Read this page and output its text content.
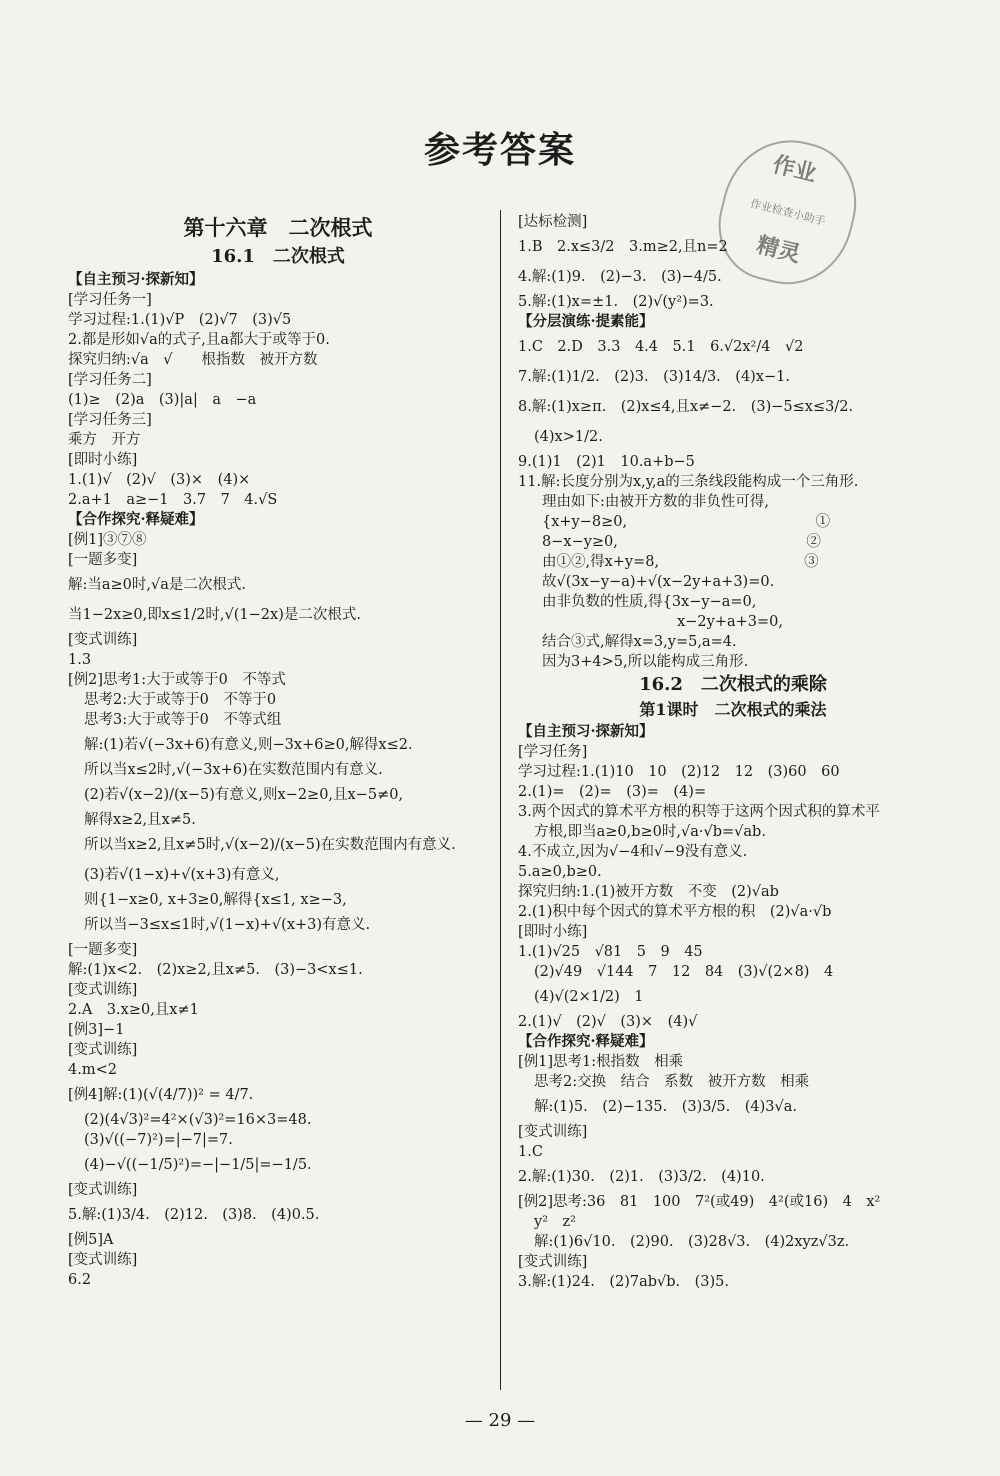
参考答案	作业
作业检查小助手
精灵
第十六章　二次根式
16.1　二次根式
【自主预习·探新知】
[学习任务一]
学习过程:1.(1)√P　(2)√7　(3)√5
2.都是形如√a的式子,且a都大于或等于0.
探究归纳:√a　√　　根指数　被开方数
[学习任务二]
(1)≥　(2)a　(3)|a|　a　−a
[学习任务三]
乘方　开方
[即时小练]
1.(1)√　(2)√　(3)×　(4)×
2.a+1　a≥−1　3.7　7　4.√S
【合作探究·释疑难】
[例1]③⑦⑧
[一题多变]
解:当a≥0时,√a是二次根式.
当1−2x≥0,即x≤1/2时,√(1−2x)是二次根式.
[变式训练]
1.3
[例2]思考1:大于或等于0　不等式
思考2:大于或等于0　不等于0
思考3:大于或等于0　不等式组
解:(1)若√(−3x+6)有意义,则−3x+6≥0,解得x≤2.
所以当x≤2时,√(−3x+6)在实数范围内有意义.
(2)若√(x−2)/(x−5)有意义,则x−2≥0,且x−5≠0,
解得x≥2,且x≠5.
所以当x≥2,且x≠5时,√(x−2)/(x−5)在实数范围内有意义.
(3)若√(1−x)+√(x+3)有意义,
则{1−x≥0, x+3≥0,解得{x≤1, x≥−3,
所以当−3≤x≤1时,√(1−x)+√(x+3)有意义.
[一题多变]
解:(1)x<2.　(2)x≥2,且x≠5.　(3)−3<x≤1.
[变式训练]
2.A　3.x≥0,且x≠1
[例3]−1
[变式训练]
4.m<2
[例4]解:(1)(√(4/7))² = 4/7.
(2)(4√3)²=4²×(√3)²=16×3=48.
(3)√((−7)²)=|−7|=7.
(4)−√((−1/5)²)=−|−1/5|=−1/5.
[变式训练]
5.解:(1)3/4.　(2)12.　(3)8.　(4)0.5.
[例5]A
[变式训练]
6.2
[达标检测]
1.B　2.x≤3/2　3.m≥2,且n=2
4.解:(1)9.　(2)−3.　(3)−4/5.
5.解:(1)x=±1.　(2)√(y²)=3.
【分层演练·提素能】
1.C　2.D　3.3　4.4　5.1　6.√2x²/4　√2
7.解:(1)1/2.　(2)3.　(3)14/3.　(4)x−1.
8.解:(1)x≥π.　(2)x≤4,且x≠−2.　(3)−5≤x≤3/2.
(4)x>1/2.
9.(1)1　(2)1　10.a+b−5
11.解:长度分别为x,y,a的三条线段能构成一个三角形.
理由如下:由被开方数的非负性可得,
{x+y−8≥0,　　　　　　　　　　　　　①
8−x−y≥0,　　　　　　　　　　　　　②
由①②,得x+y=8,　　　　　　　　　　③
故√(3x−y−a)+√(x−2y+a+3)=0.
由非负数的性质,得{3x−y−a=0,
　　　　　　　　　 x−2y+a+3=0,
结合③式,解得x=3,y=5,a=4.
因为3+4>5,所以能构成三角形.
16.2　二次根式的乘除
第1课时　二次根式的乘法
【自主预习·探新知】
[学习任务]
学习过程:1.(1)10　10　(2)12　12　(3)60　60
2.(1)=　(2)=　(3)=　(4)=
3.两个因式的算术平方根的积等于这两个因式积的算术平
方根,即当a≥0,b≥0时,√a·√b=√ab.
4.不成立,因为√−4和√−9没有意义.
5.a≥0,b≥0.
探究归纳:1.(1)被开方数　不变　(2)√ab
2.(1)积中每个因式的算术平方根的积　(2)√a·√b
[即时小练]
1.(1)√25　√81　5　9　45
(2)√49　√144　7　12　84　(3)√(2×8)　4
(4)√(2×1/2)　1
2.(1)√　(2)√　(3)×　(4)√
【合作探究·释疑难】
[例1]思考1:根指数　相乘
思考2:交换　结合　系数　被开方数　相乘
解:(1)5.　(2)−135.　(3)3/5.　(4)3√a.
[变式训练]
1.C
2.解:(1)30.　(2)1.　(3)3/2.　(4)10.
[例2]思考:36　81　100　7²(或49)　4²(或16)　4　x²
y²　z²
解:(1)6√10.　(2)90.　(3)28√3.　(4)2xyz√3z.
[变式训练]
3.解:(1)24.　(2)7ab√b.　(3)5.
— 29 —
